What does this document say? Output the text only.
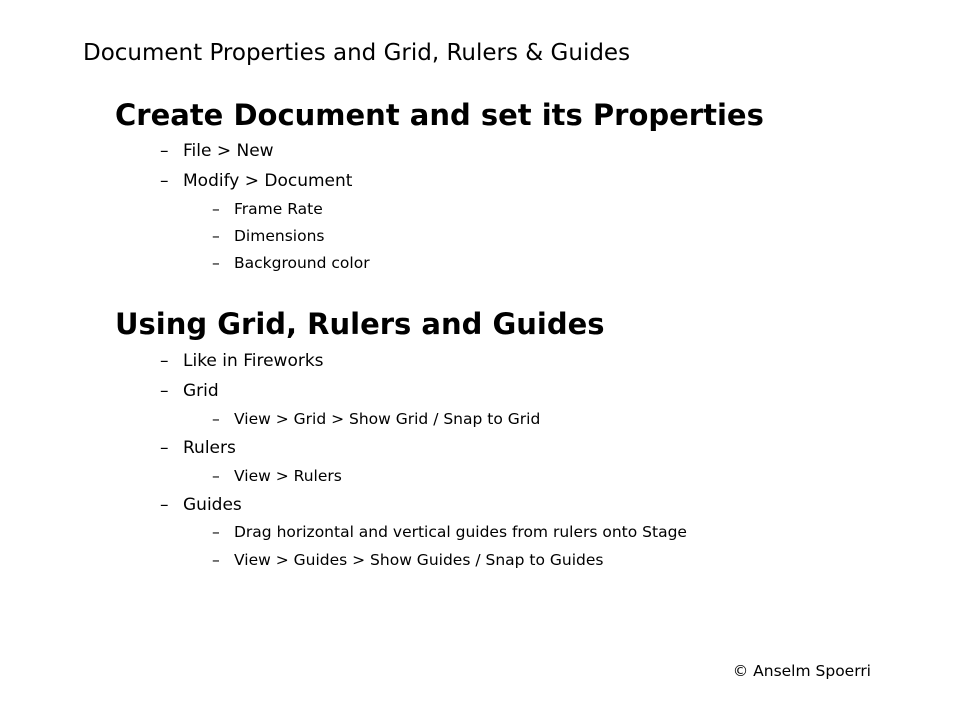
Document Properties and Grid, Rulers & Guides
Create Document and set its Properties
– File > New
– Modify > Document
– Frame Rate
– Dimensions
– Background color
Using Grid, Rulers and Guides
– Like in Fireworks
– Grid
– View > Grid > Show Grid / Snap to Grid
– Rulers
– View > Rulers
– Guides
– Drag horizontal and vertical guides from rulers onto Stage
– View > Guides > Show Guides / Snap to Guides
© Anselm Spoerri
